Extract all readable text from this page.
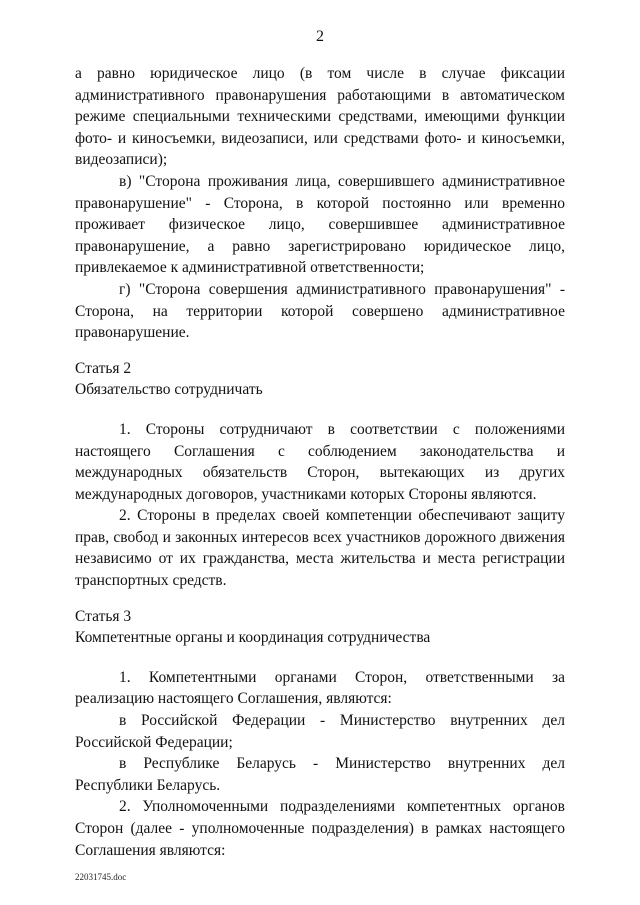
2

а равно юридическое лицо (в том числе в случае фиксации административного правонарушения работающими в автоматическом режиме специальными техническими средствами, имеющими функции фото- и киносъемки, видеозаписи, или средствами фото- и киносъемки, видеозаписи);

в) "Сторона проживания лица, совершившего административное правонарушение" - Сторона, в которой постоянно или временно проживает физическое лицо, совершившее административное правонарушение, а равно зарегистрировано юридическое лицо, привлекаемое к административной ответственности;

г) "Сторона совершения административного правонарушения" - Сторона, на территории которой совершено административное правонарушение.

Статья 2

Обязательство сотрудничать

1. Стороны сотрудничают в соответствии с положениями настоящего Соглашения с соблюдением законодательства и международных обязательств Сторон, вытекающих из других международных договоров, участниками которых Стороны являются.

2. Стороны в пределах своей компетенции обеспечивают защиту прав, свобод и законных интересов всех участников дорожного движения независимо от их гражданства, места жительства и места регистрации транспортных средств.

Статья 3

Компетентные органы и координация сотрудничества

1. Компетентными органами Сторон, ответственными за реализацию настоящего Соглашения, являются:

в Российской Федерации - Министерство внутренних дел Российской Федерации;

в Республике Беларусь - Министерство внутренних дел Республики Беларусь.

2. Уполномоченными подразделениями компетентных органов Сторон (далее - уполномоченные подразделения) в рамках настоящего Соглашения являются:

22031745.doc
